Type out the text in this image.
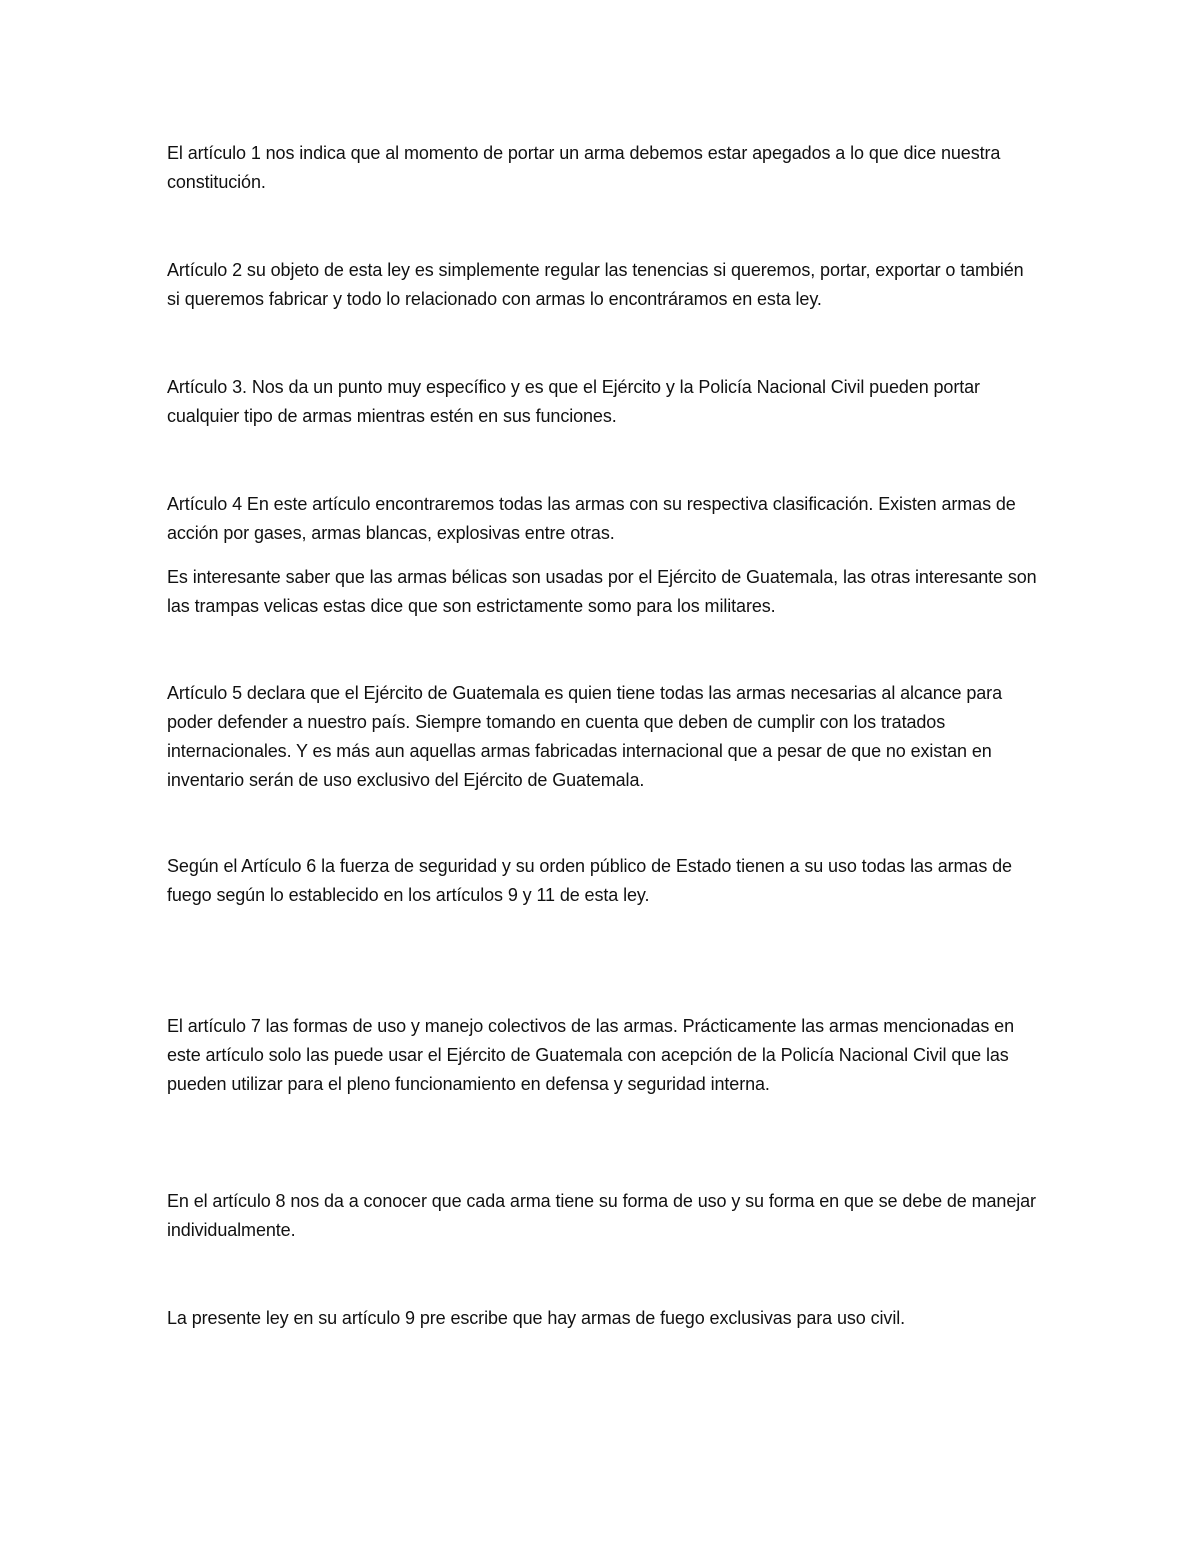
El artículo 1 nos indica que al momento de portar un arma debemos estar apegados a lo que dice nuestra constitución.

Artículo 2 su objeto de esta ley es simplemente regular las tenencias si queremos, portar, exportar o también si queremos fabricar y todo lo relacionado con armas lo encontráramos en esta ley.

Artículo 3. Nos da un punto muy específico y es que el Ejército y la Policía Nacional Civil pueden portar cualquier tipo de armas mientras estén en sus funciones.

Artículo 4 En este artículo encontraremos todas las armas con su respectiva clasificación. Existen armas de acción por gases, armas blancas, explosivas entre otras.

Es interesante saber que las armas bélicas son usadas por el Ejército de Guatemala, las otras interesante son las trampas velicas estas dice que son estrictamente somo para los militares.

Artículo 5 declara que el Ejército de Guatemala es quien tiene todas las armas necesarias al alcance para poder defender a nuestro país. Siempre tomando en cuenta que deben de cumplir con los tratados internacionales. Y es más aun aquellas armas fabricadas internacional que a pesar de que no existan en inventario serán de uso exclusivo del Ejército de Guatemala.

Según el Artículo 6 la fuerza de seguridad y su orden público de Estado tienen a su uso todas las armas de fuego según lo establecido en los artículos 9 y 11 de esta ley.

El artículo 7 las formas de uso y manejo colectivos de las armas. Prácticamente las armas mencionadas en este artículo solo las puede usar el Ejército de Guatemala con acepción de la Policía Nacional Civil que las pueden utilizar para el pleno funcionamiento en defensa y seguridad interna.

En el artículo 8 nos da a conocer que cada arma tiene su forma de uso y su forma en que se debe de manejar individualmente.

La presente ley en su artículo 9 pre escribe que hay armas de fuego exclusivas para uso civil.
